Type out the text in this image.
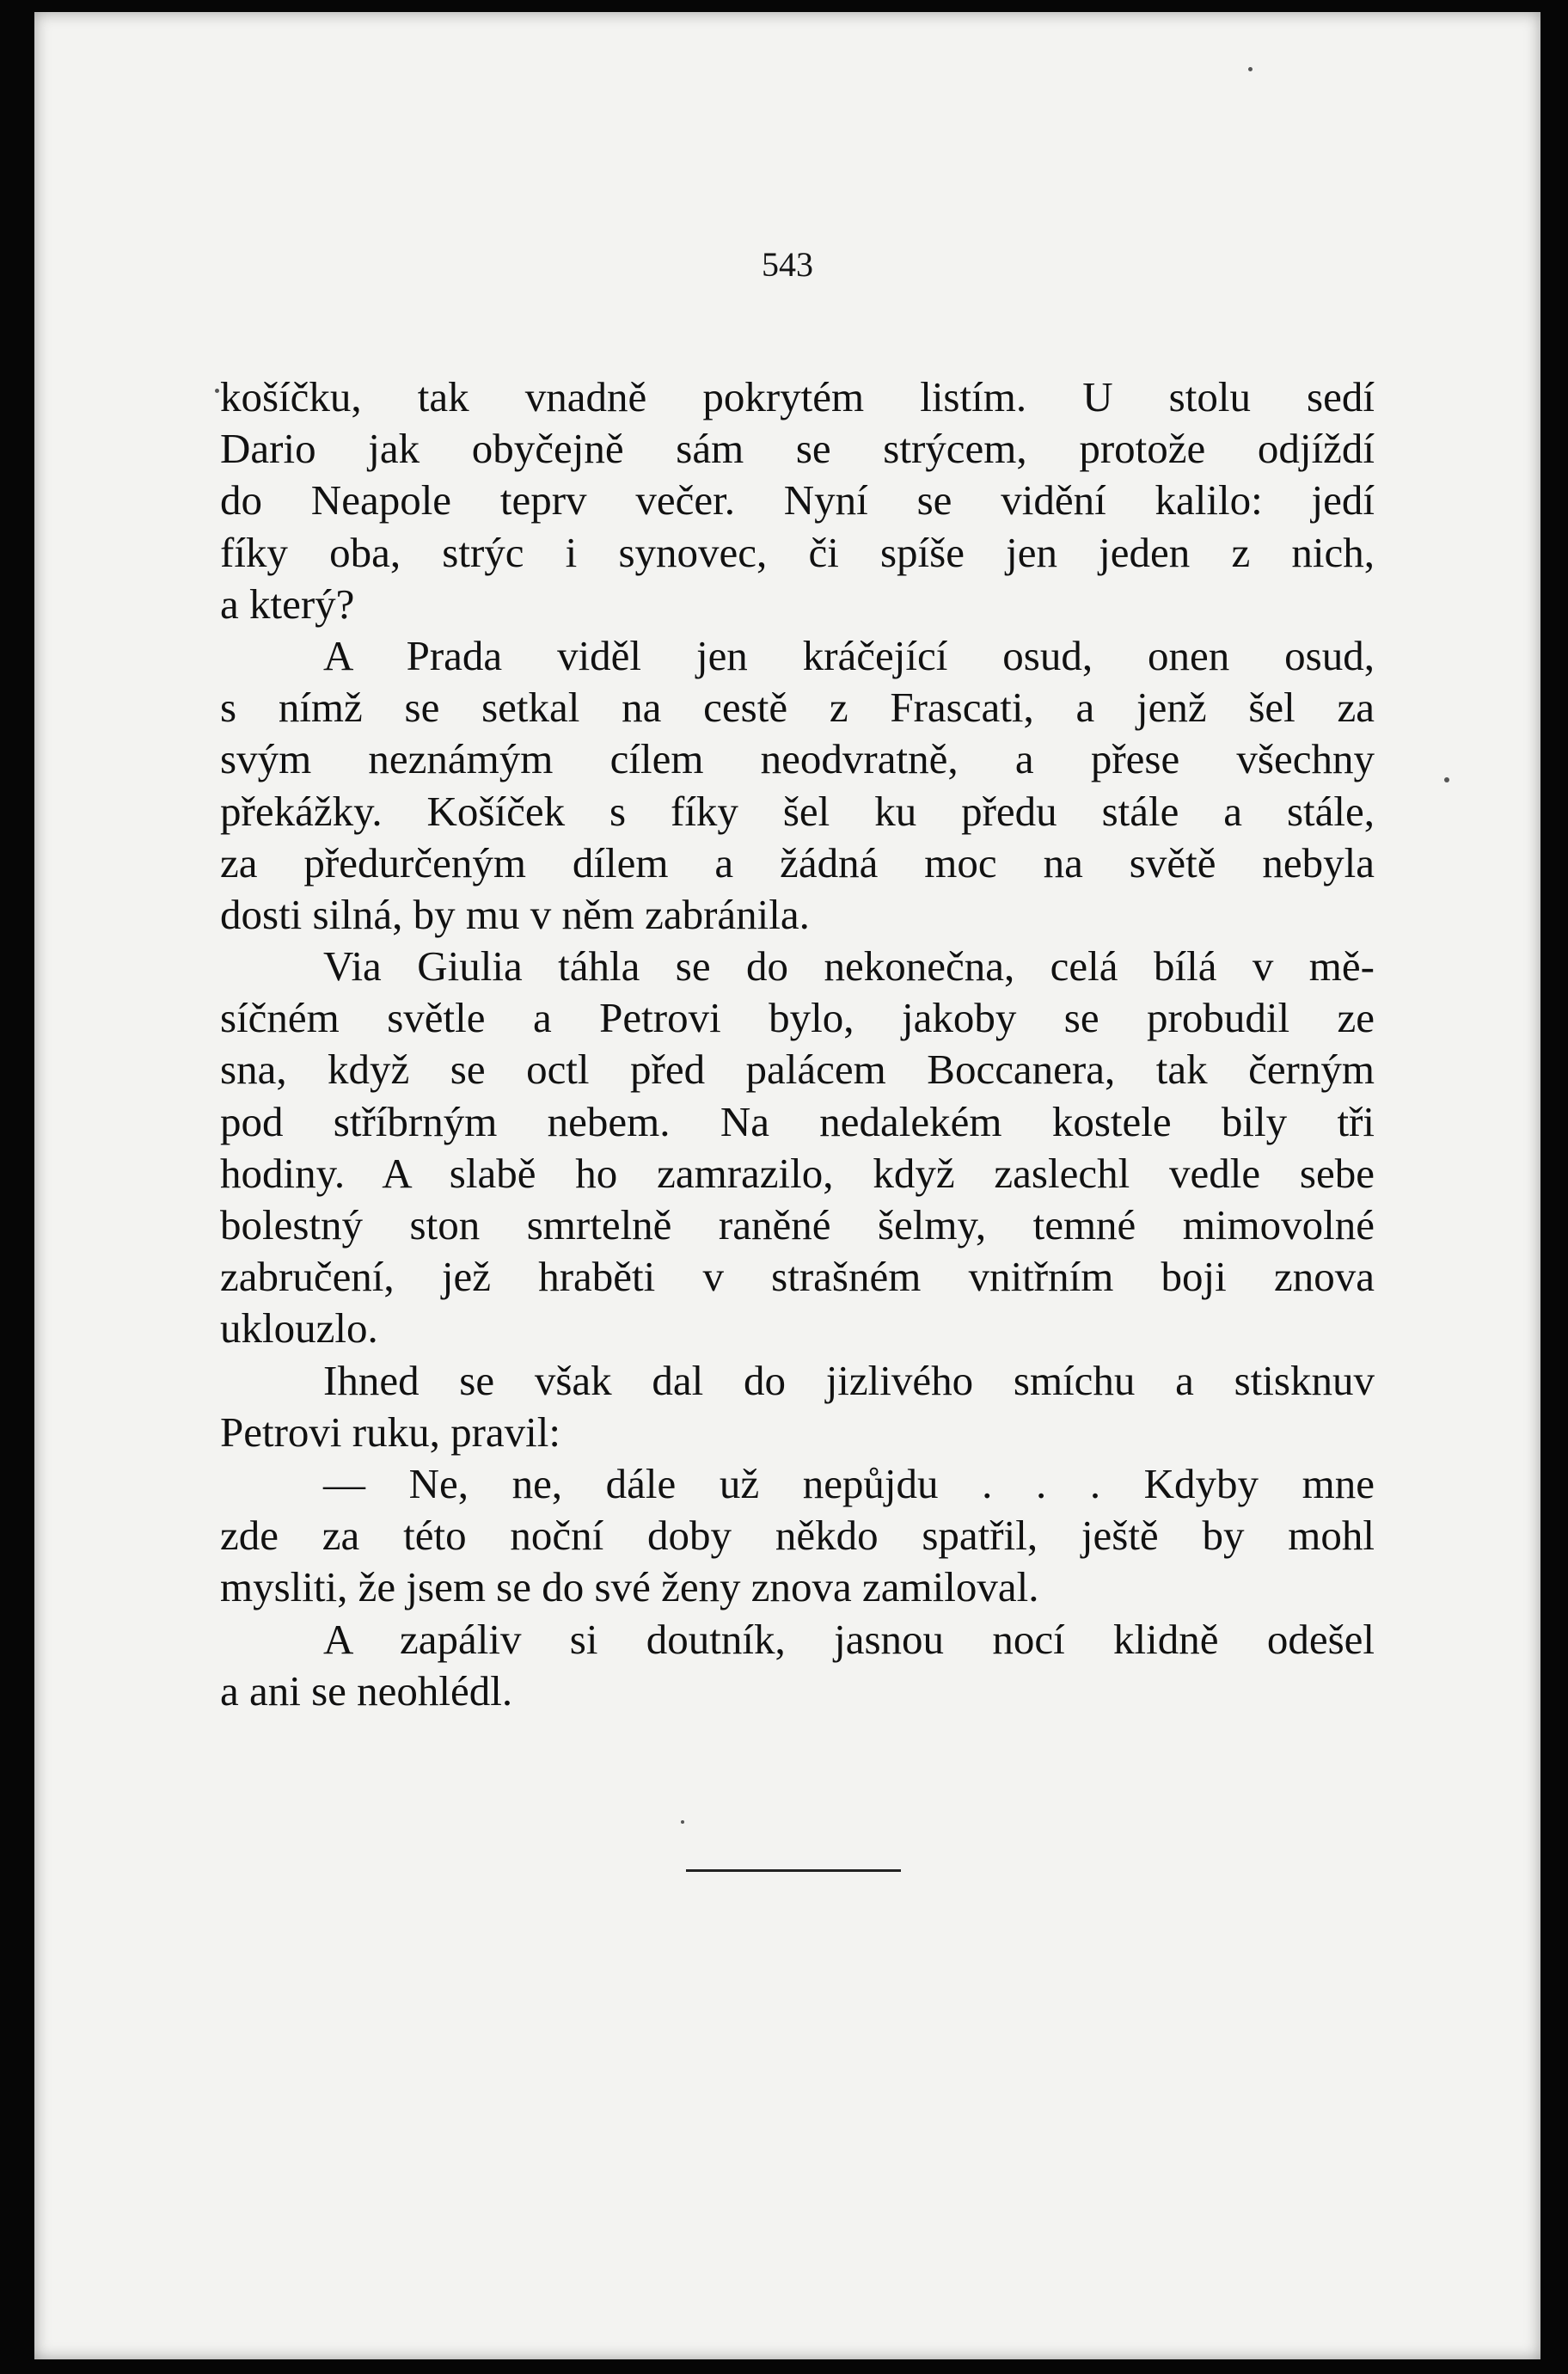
543

košíčku, tak vnadně pokrytém listím. U stolu sedí
Dario jak obyčejně sám se strýcem, protože odjíždí
do Neapole teprv večer. Nyní se vidění kalilo: jedí
fíky oba, strýc i synovec, či spíše jen jeden z nich,
a který?
A Prada viděl jen kráčející osud, onen osud,
s nímž se setkal na cestě z Frascati, a jenž šel za
svým neznámým cílem neodvratně, a přese všechny
překážky. Košíček s fíky šel ku předu stále a stále,
za předurčeným dílem a žádná moc na světě nebyla
dosti silná, by mu v něm zabránila.
Via Giulia táhla se do nekonečna, celá bílá v mě-
síčném světle a Petrovi bylo, jakoby se probudil ze
sna, když se octl před palácem Boccanera, tak černým
pod stříbrným nebem. Na nedalekém kostele bily tři
hodiny. A slabě ho zamrazilo, když zaslechl vedle sebe
bolestný ston smrtelně raněné šelmy, temné mimovolné
zabručení, jež hraběti v strašném vnitřním boji znova
uklouzlo.
Ihned se však dal do jizlivého smíchu a stisknuv
Petrovi ruku, pravil:
— Ne, ne, dále už nepůjdu . . . Kdyby mne
zde za této noční doby někdo spatřil, ještě by mohl
mysliti, že jsem se do své ženy znova zamiloval.
A zapáliv si doutník, jasnou nocí klidně odešel
a ani se neohlédl.
